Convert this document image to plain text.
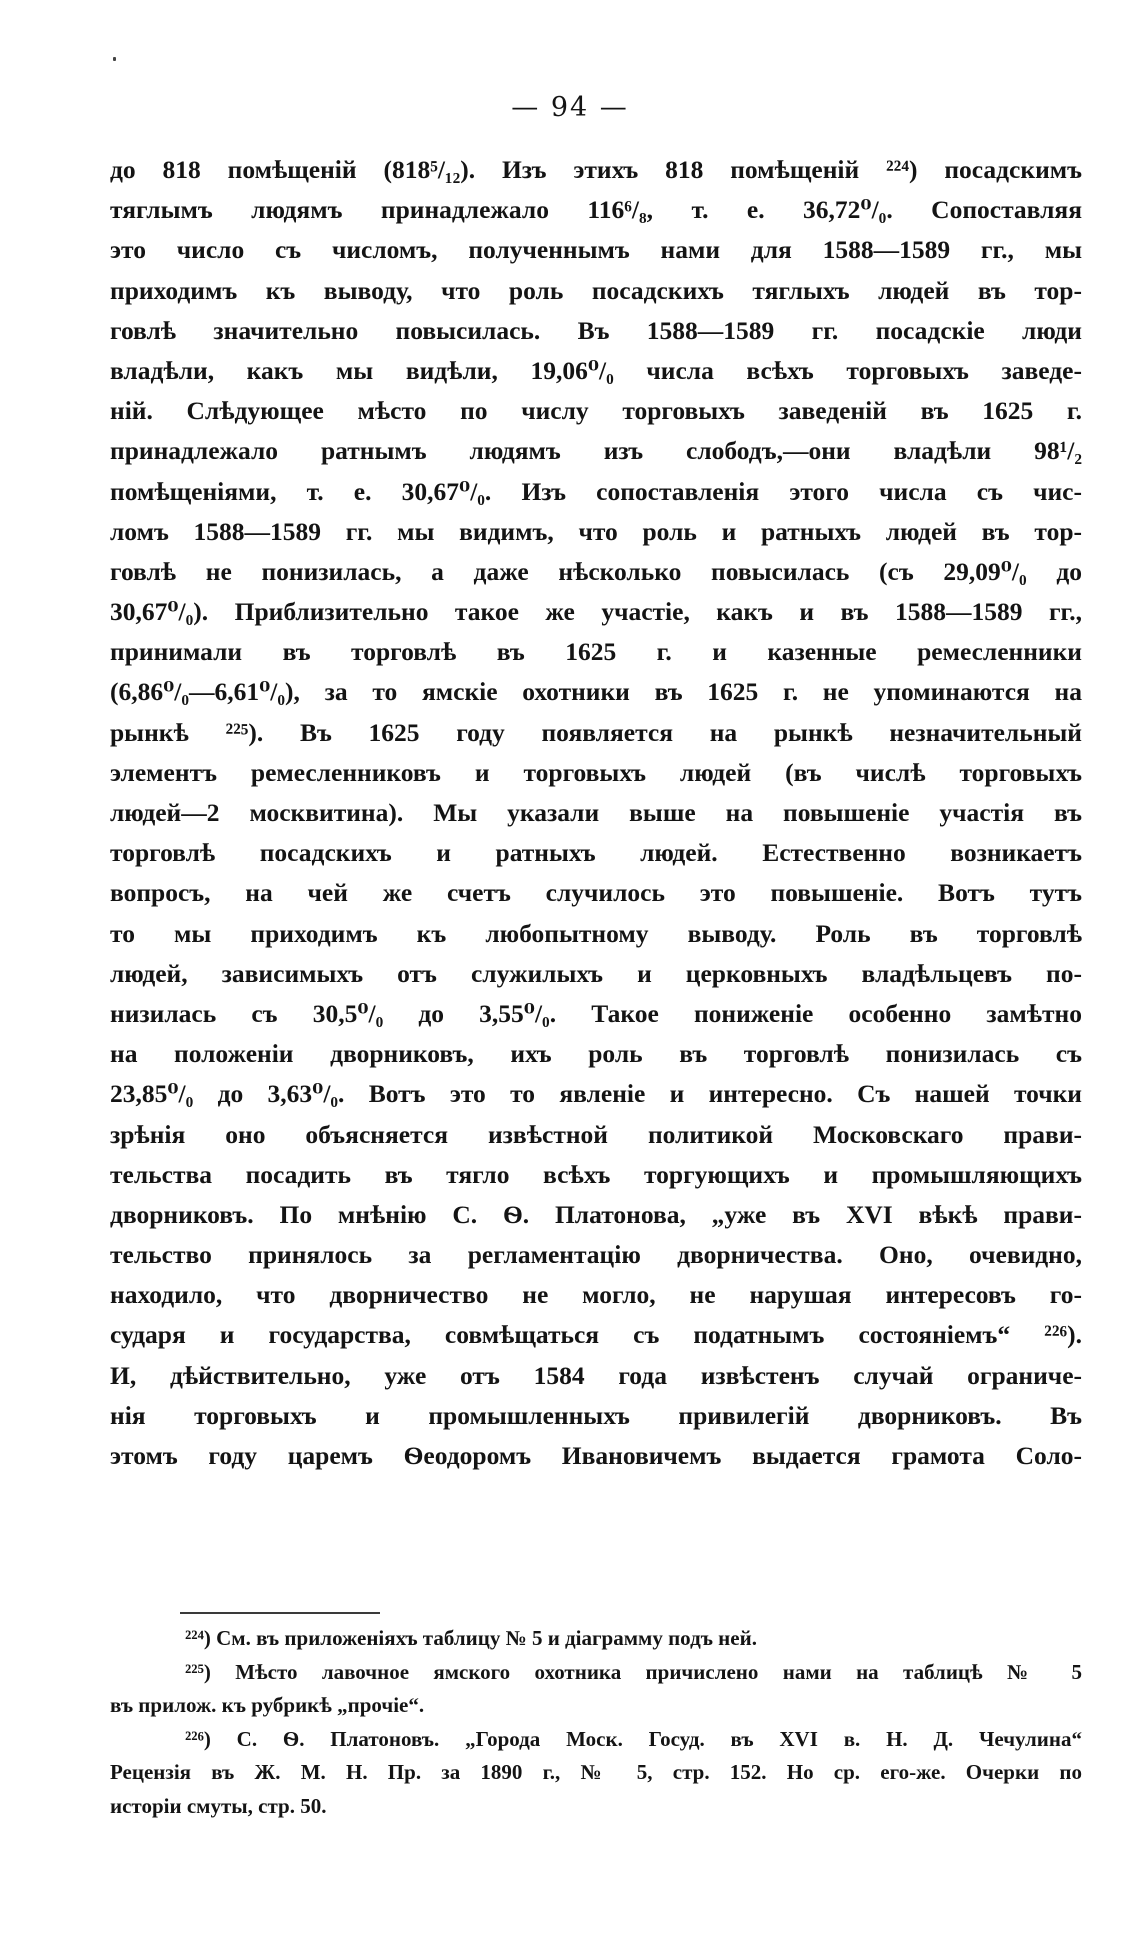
— 94 —
до 818 помѣщеній (818⁵/₁₂). Изъ этихъ 818 помѣщеній ²²⁴) посадскимъ
тяглымъ людямъ принадлежало 116⁶/₈, т. е. 36,72⁰/₀. Сопоставляя
это число съ числомъ, полученнымъ нами для 1588—1589 гг., мы
приходимъ къ выводу, что роль посадскихъ тяглыхъ людей въ тор-
говлѣ значительно повысилась. Въ 1588—1589 гг. посадскіе люди
владѣли, какъ мы видѣли, 19,06⁰/₀ числа всѣхъ торговыхъ заведе-
ній. Слѣдующее мѣсто по числу торговыхъ заведеній въ 1625 г.
принадлежало ратнымъ людямъ изъ слободъ,—они владѣли 98¹/₂
помѣщеніями, т. е. 30,67⁰/₀. Изъ сопоставленія этого числа съ чис-
ломъ 1588—1589 гг. мы видимъ, что роль и ратныхъ людей въ тор-
говлѣ не понизилась, а даже нѣсколько повысилась (съ 29,09⁰/₀ до
30,67⁰/₀). Приблизительно такое же участіе, какъ и въ 1588—1589 гг.,
принимали въ торговлѣ въ 1625 г. и казенные ремесленники
(6,86⁰/₀—6,61⁰/₀), за то ямскіе охотники въ 1625 г. не упоминаются на
рынкѣ ²²⁵). Въ 1625 году появляется на рынкѣ незначительный
элементъ ремесленниковъ и торговыхъ людей (въ числѣ торговыхъ
людей—2 москвитина). Мы указали выше на повышеніе участія въ
торговлѣ посадскихъ и ратныхъ людей. Естественно возникаетъ
вопросъ, на чей же счетъ случилось это повышеніе. Вотъ тутъ
то мы приходимъ къ любопытному выводу. Роль въ торговлѣ
людей, зависимыхъ отъ служилыхъ и церковныхъ владѣльцевъ по-
низилась съ 30,5⁰/₀ до 3,55⁰/₀. Такое пониженіе особенно замѣтно
на положеніи дворниковъ, ихъ роль въ торговлѣ понизилась съ
23,85⁰/₀ до 3,63⁰/₀. Вотъ это то явленіе и интересно. Съ нашей точки
зрѣнія оно объясняется извѣстной политикой Московскаго прави-
тельства посадить въ тягло всѣхъ торгующихъ и промышляющихъ
дворниковъ. По мнѣнію С. Ѳ. Платонова, „уже въ XVI вѣкѣ прави-
тельство принялось за регламентацію дворничества. Оно, очевидно,
находило, что дворничество не могло, не нарушая интересовъ го-
сударя и государства, совмѣщаться съ податнымъ состояніемъ“ ²²⁶).
И, дѣйствительно, уже отъ 1584 года извѣстенъ случай ограниче-
нія торговыхъ и промышленныхъ привилегій дворниковъ. Въ
этомъ году царемъ Ѳеодоромъ Ивановичемъ выдается грамота Соло-
²²⁴) См. въ приложеніяхъ таблицу № 5 и діаграмму подъ ней.
²²⁵) Мѣсто лавочное ямского охотника причислено нами на таблицѣ № 5
въ прилож. къ рубрикѣ „прочіе“.
²²⁶) С. Ѳ. Платоновъ. „Города Моск. Госуд. въ XVI в. Н. Д. Чечулина“
Рецензія въ Ж. М. Н. Пр. за 1890 г., № 5, стр. 152. Но ср. его-же. Очерки по
исторіи смуты, стр. 50.
